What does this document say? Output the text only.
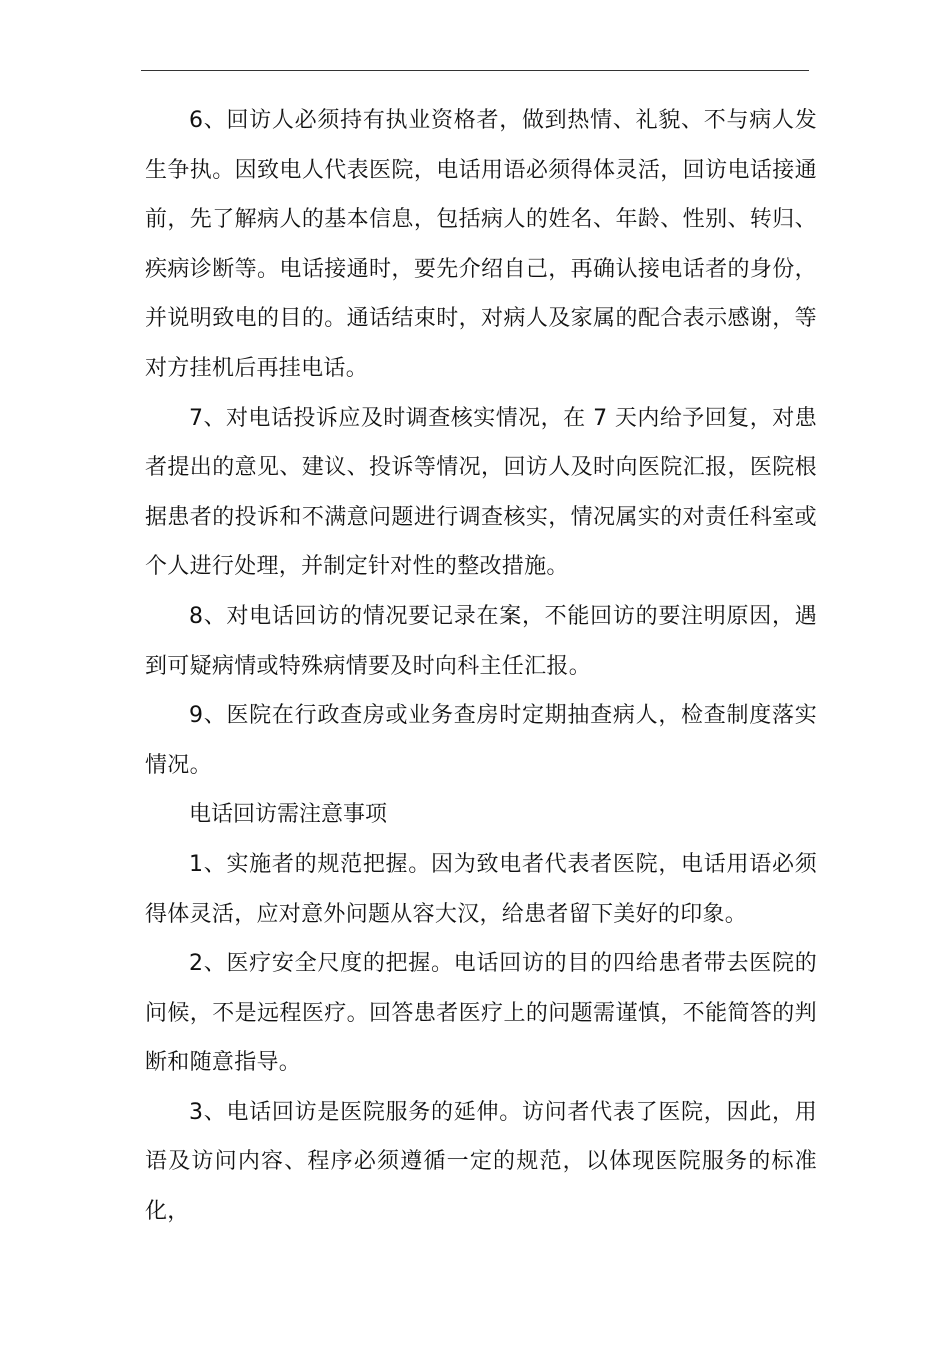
6、回访人必须持有执业资格者，做到热情、礼貌、不与病人发生争执。因致电人代表医院，电话用语必须得体灵活，回访电话接通前，先了解病人的基本信息，包括病人的姓名、年龄、性别、转归、疾病诊断等。电话接通时，要先介绍自己，再确认接电话者的身份，并说明致电的目的。通话结束时，对病人及家属的配合表示感谢，等对方挂机后再挂电话。

7、对电话投诉应及时调查核实情况，在 7 天内给予回复，对患者提出的意见、建议、投诉等情况，回访人及时向医院汇报，医院根据患者的投诉和不满意问题进行调查核实，情况属实的对责任科室或个人进行处理，并制定针对性的整改措施。

8、对电话回访的情况要记录在案，不能回访的要注明原因，遇到可疑病情或特殊病情要及时向科主任汇报。

9、医院在行政查房或业务查房时定期抽查病人，检查制度落实情况。

电话回访需注意事项

1、实施者的规范把握。因为致电者代表者医院，电话用语必须得体灵活，应对意外问题从容大汉，给患者留下美好的印象。

2、医疗安全尺度的把握。电话回访的目的四给患者带去医院的问候，不是远程医疗。回答患者医疗上的问题需谨慎，不能简答的判断和随意指导。

3、电话回访是医院服务的延伸。访问者代表了医院，因此，用语及访问内容、程序必须遵循一定的规范，以体现医院服务的标准化，
